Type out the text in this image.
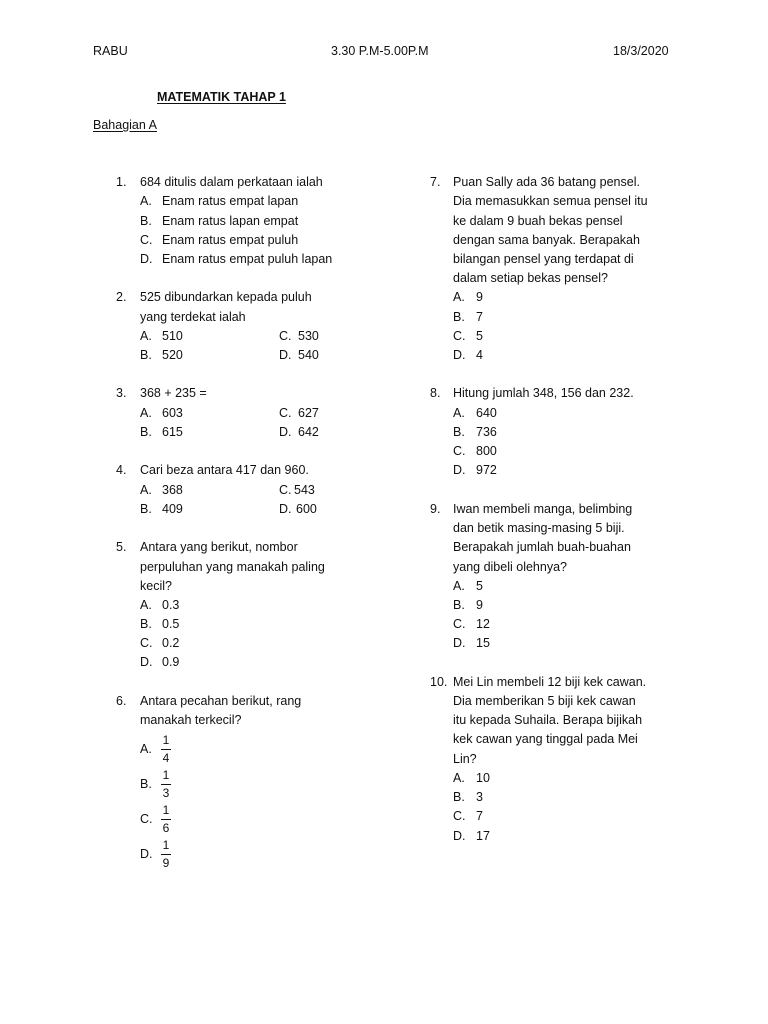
RABU	3.30 P.M-5.00P.M	18/3/2020
MATEMATIK TAHAP 1
Bahagian A
1. 684 ditulis dalam perkataan ialah
A. Enam ratus empat lapan
B. Enam ratus lapan empat
C. Enam ratus empat puluh
D. Enam ratus empat puluh lapan
2. 525 dibundarkan kepada puluh
yang terdekat ialah
A. 510	C. 530
B. 520	D. 540
3. 368 + 235 =
A. 603	C. 627
B. 615	D. 642
4. Cari beza antara 417 dan 960.
A. 368	C. 543
B. 409	D. 600
5. Antara yang berikut, nombor
perpuluhan yang manakah paling
kecil?
A. 0.3
B. 0.5
C. 0.2
D. 0.9
6. Antara pecahan berikut, rang
manakah terkecil?
A.
1
4
B.
1
3
C.
1
6
D.
1
9
7. Puan Sally ada 36 batang pensel.
Dia memasukkan semua pensel itu
ke dalam 9 buah bekas pensel
dengan sama banyak. Berapakah
bilangan pensel yang terdapat di
dalam setiap bekas pensel?
A. 9
B. 7
C. 5
D. 4
8. Hitung jumlah 348, 156 dan 232.
A. 640
B. 736
C. 800
D. 972
9. Iwan membeli manga, belimbing
dan betik masing-masing 5 biji.
Berapakah jumlah buah-buahan
yang dibeli olehnya?
A. 5
B. 9
C. 12
D. 15
10. Mei Lin membeli 12 biji kek cawan.
Dia memberikan 5 biji kek cawan
itu kepada Suhaila. Berapa bijikah
kek cawan yang tinggal pada Mei
Lin?
A. 10
B. 3
C. 7
D. 17
